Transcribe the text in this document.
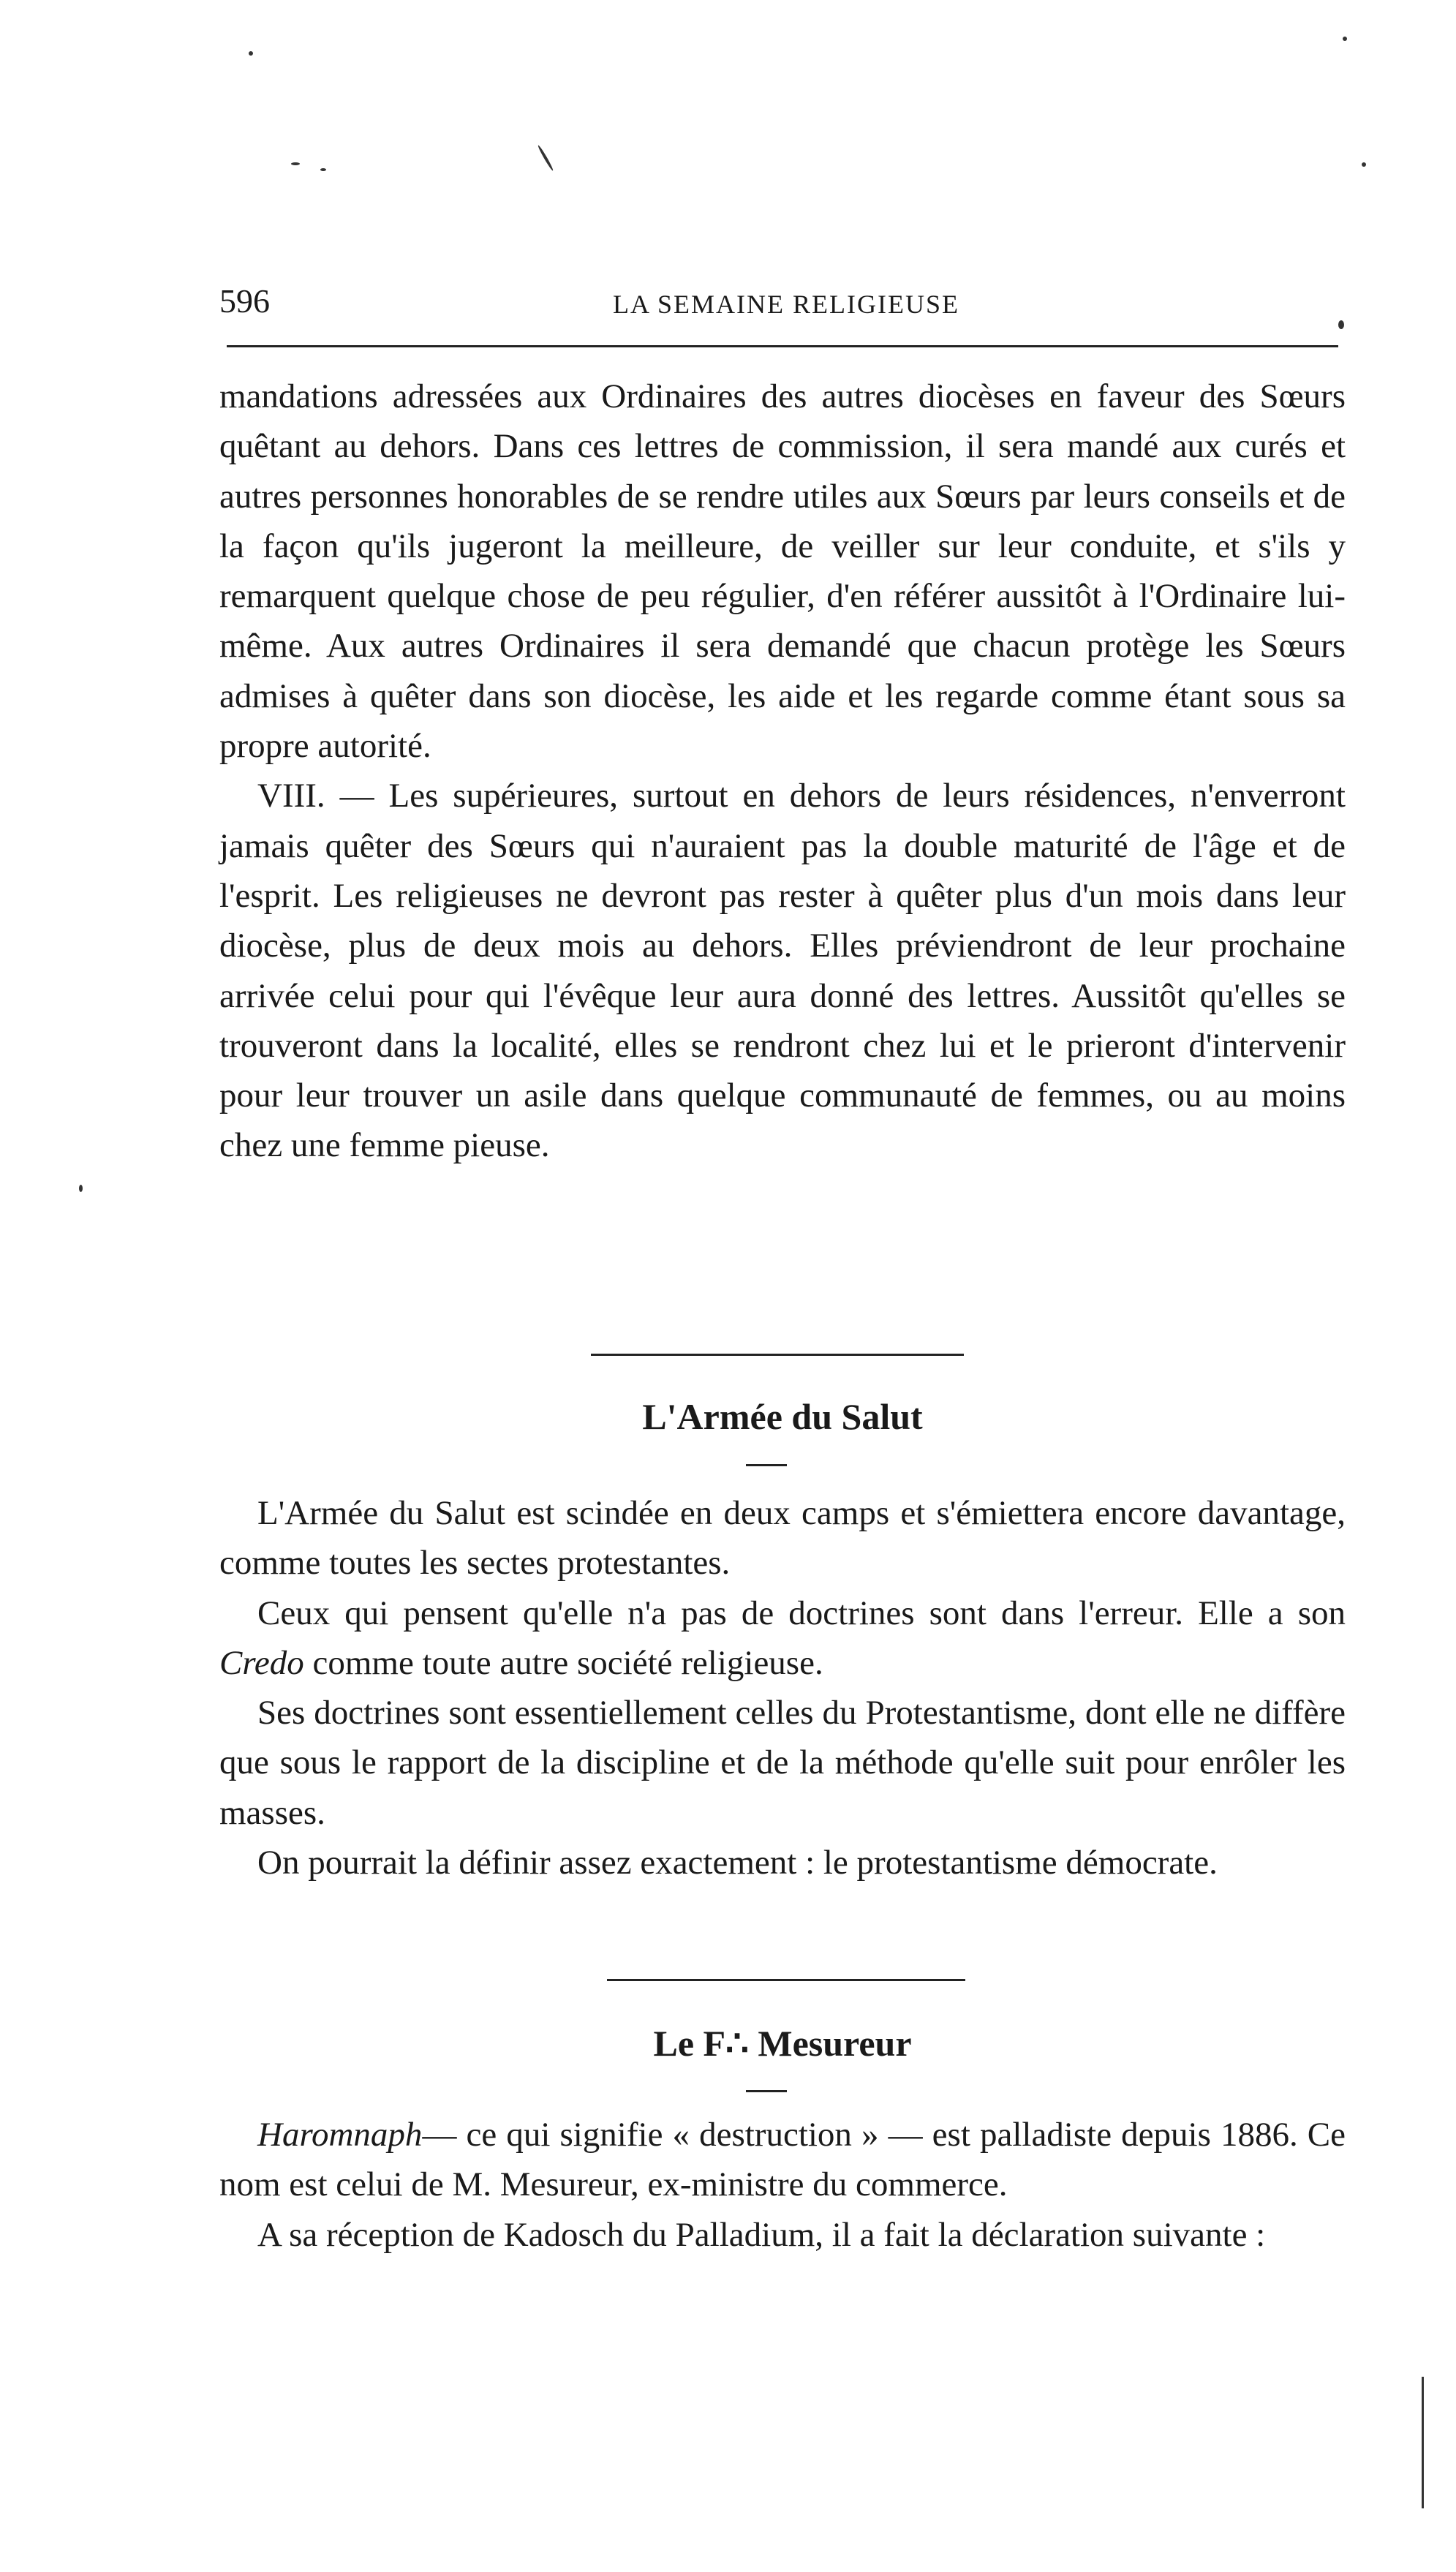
596	LA SEMAINE RELIGIEUSE

mandations adressées aux Ordinaires des autres diocèses en faveur des Sœurs quêtant au dehors. Dans ces lettres de commission, il sera mandé aux curés et autres personnes honorables de se rendre utiles aux Sœurs par leurs conseils et de la façon qu'ils jugeront la meilleure, de veiller sur leur conduite, et s'ils y remarquent quelque chose de peu régulier, d'en référer aussitôt à l'Ordinaire lui-même. Aux autres Ordinaires il sera demandé que chacun protège les Sœurs admises à quêter dans son diocèse, les aide et les regarde comme étant sous sa propre autorité.

VIII. — Les supérieures, surtout en dehors de leurs résidences, n'enverront jamais quêter des Sœurs qui n'auraient pas la double maturité de l'âge et de l'esprit. Les religieuses ne devront pas rester à quêter plus d'un mois dans leur diocèse, plus de deux mois au dehors. Elles préviendront de leur prochaine arrivée celui pour qui l'évêque leur aura donné des lettres. Aussitôt qu'elles se trouveront dans la localité, elles se rendront chez lui et le prieront d'intervenir pour leur trouver un asile dans quelque communauté de femmes, ou au moins chez une femme pieuse.

L'Armée du Salut

L'Armée du Salut est scindée en deux camps et s'émiettera encore davantage, comme toutes les sectes protestantes.

Ceux qui pensent qu'elle n'a pas de doctrines sont dans l'erreur. Elle a son Credo comme toute autre société religieuse.

Ses doctrines sont essentiellement celles du Protestantisme, dont elle ne diffère que sous le rapport de la discipline et de la méthode qu'elle suit pour enrôler les masses.

On pourrait la définir assez exactement : le protestantisme démocrate.

Le F∴ Mesureur

Haromnaph— ce qui signifie « destruction » — est palladiste depuis 1886. Ce nom est celui de M. Mesureur, ex-ministre du commerce.

A sa réception de Kadosch du Palladium, il a fait la déclaration suivante :
